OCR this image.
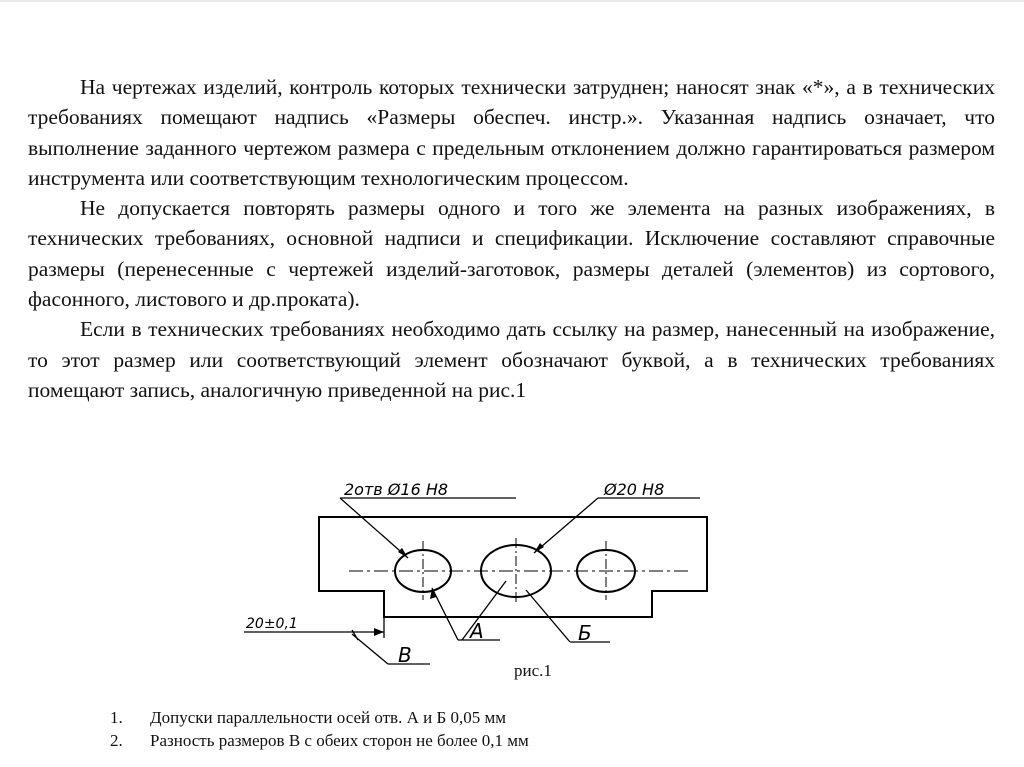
На чертежах изделий, контроль которых технически затруднен; наносят знак «*», а в технических требованиях помещают надпись «Размеры обеспеч. инстр.». Указанная надпись означает, что выполнение заданного чертежом размера с предельным отклонением должно гарантироваться размером инструмента или соответствующим технологическим процессом.

Не допускается повторять размеры одного и того же элемента на разных изображениях, в технических требованиях, основной надписи и спецификации. Исключение составляют справочные размеры (перенесенные с чертежей изделий-заготовок, размеры деталей (элементов) из сортового, фасонного, листового и др.проката).

Если в технических требованиях необходимо дать ссылку на размер, нанесенный на изображение, то этот размер или соответствующий элемент обозначают буквой, а в технических требованиях помещают запись, аналогичную приведенной на рис.1

2отв Ø16 H8	Ø20 H8
20±0,1	А	Б
В
рис.1
1.	Допуски параллельности осей отв. А и Б 0,05 мм
2.	Разность размеров В с обеих сторон не более 0,1 мм
